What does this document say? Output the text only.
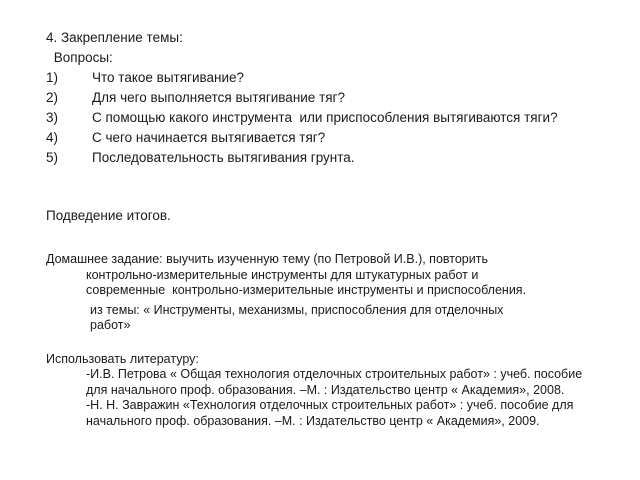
4. Закрепление темы:
Вопросы:
1)	Что такое вытягивание?
2)	Для чего выполняется вытягивание тяг?
3)	С помощью какого инструмента  или приспособления вытягиваются тяги?
4)	С чего начинается вытягивается тяг?
5)	Последовательность вытягивания грунта.
Подведение итогов.
Домашнее задание: выучить изученную тему (по Петровой И.В.), повторить
контрольно-измерительные инструменты для штукатурных работ и
современные  контрольно-измерительные инструменты и приспособления.
из темы: « Инструменты, механизмы, приспособления для отделочных
работ»
Использовать литературу:
-И.В. Петрова « Общая технология отделочных строительных работ» : учеб. пособие для начального проф. образования. –М. : Издательство центр « Академия», 2008.
-Н. Н. Завражин «Технология отделочных строительных работ» : учеб. пособие для начального проф. образования. –М. : Издательство центр « Академия», 2009.
